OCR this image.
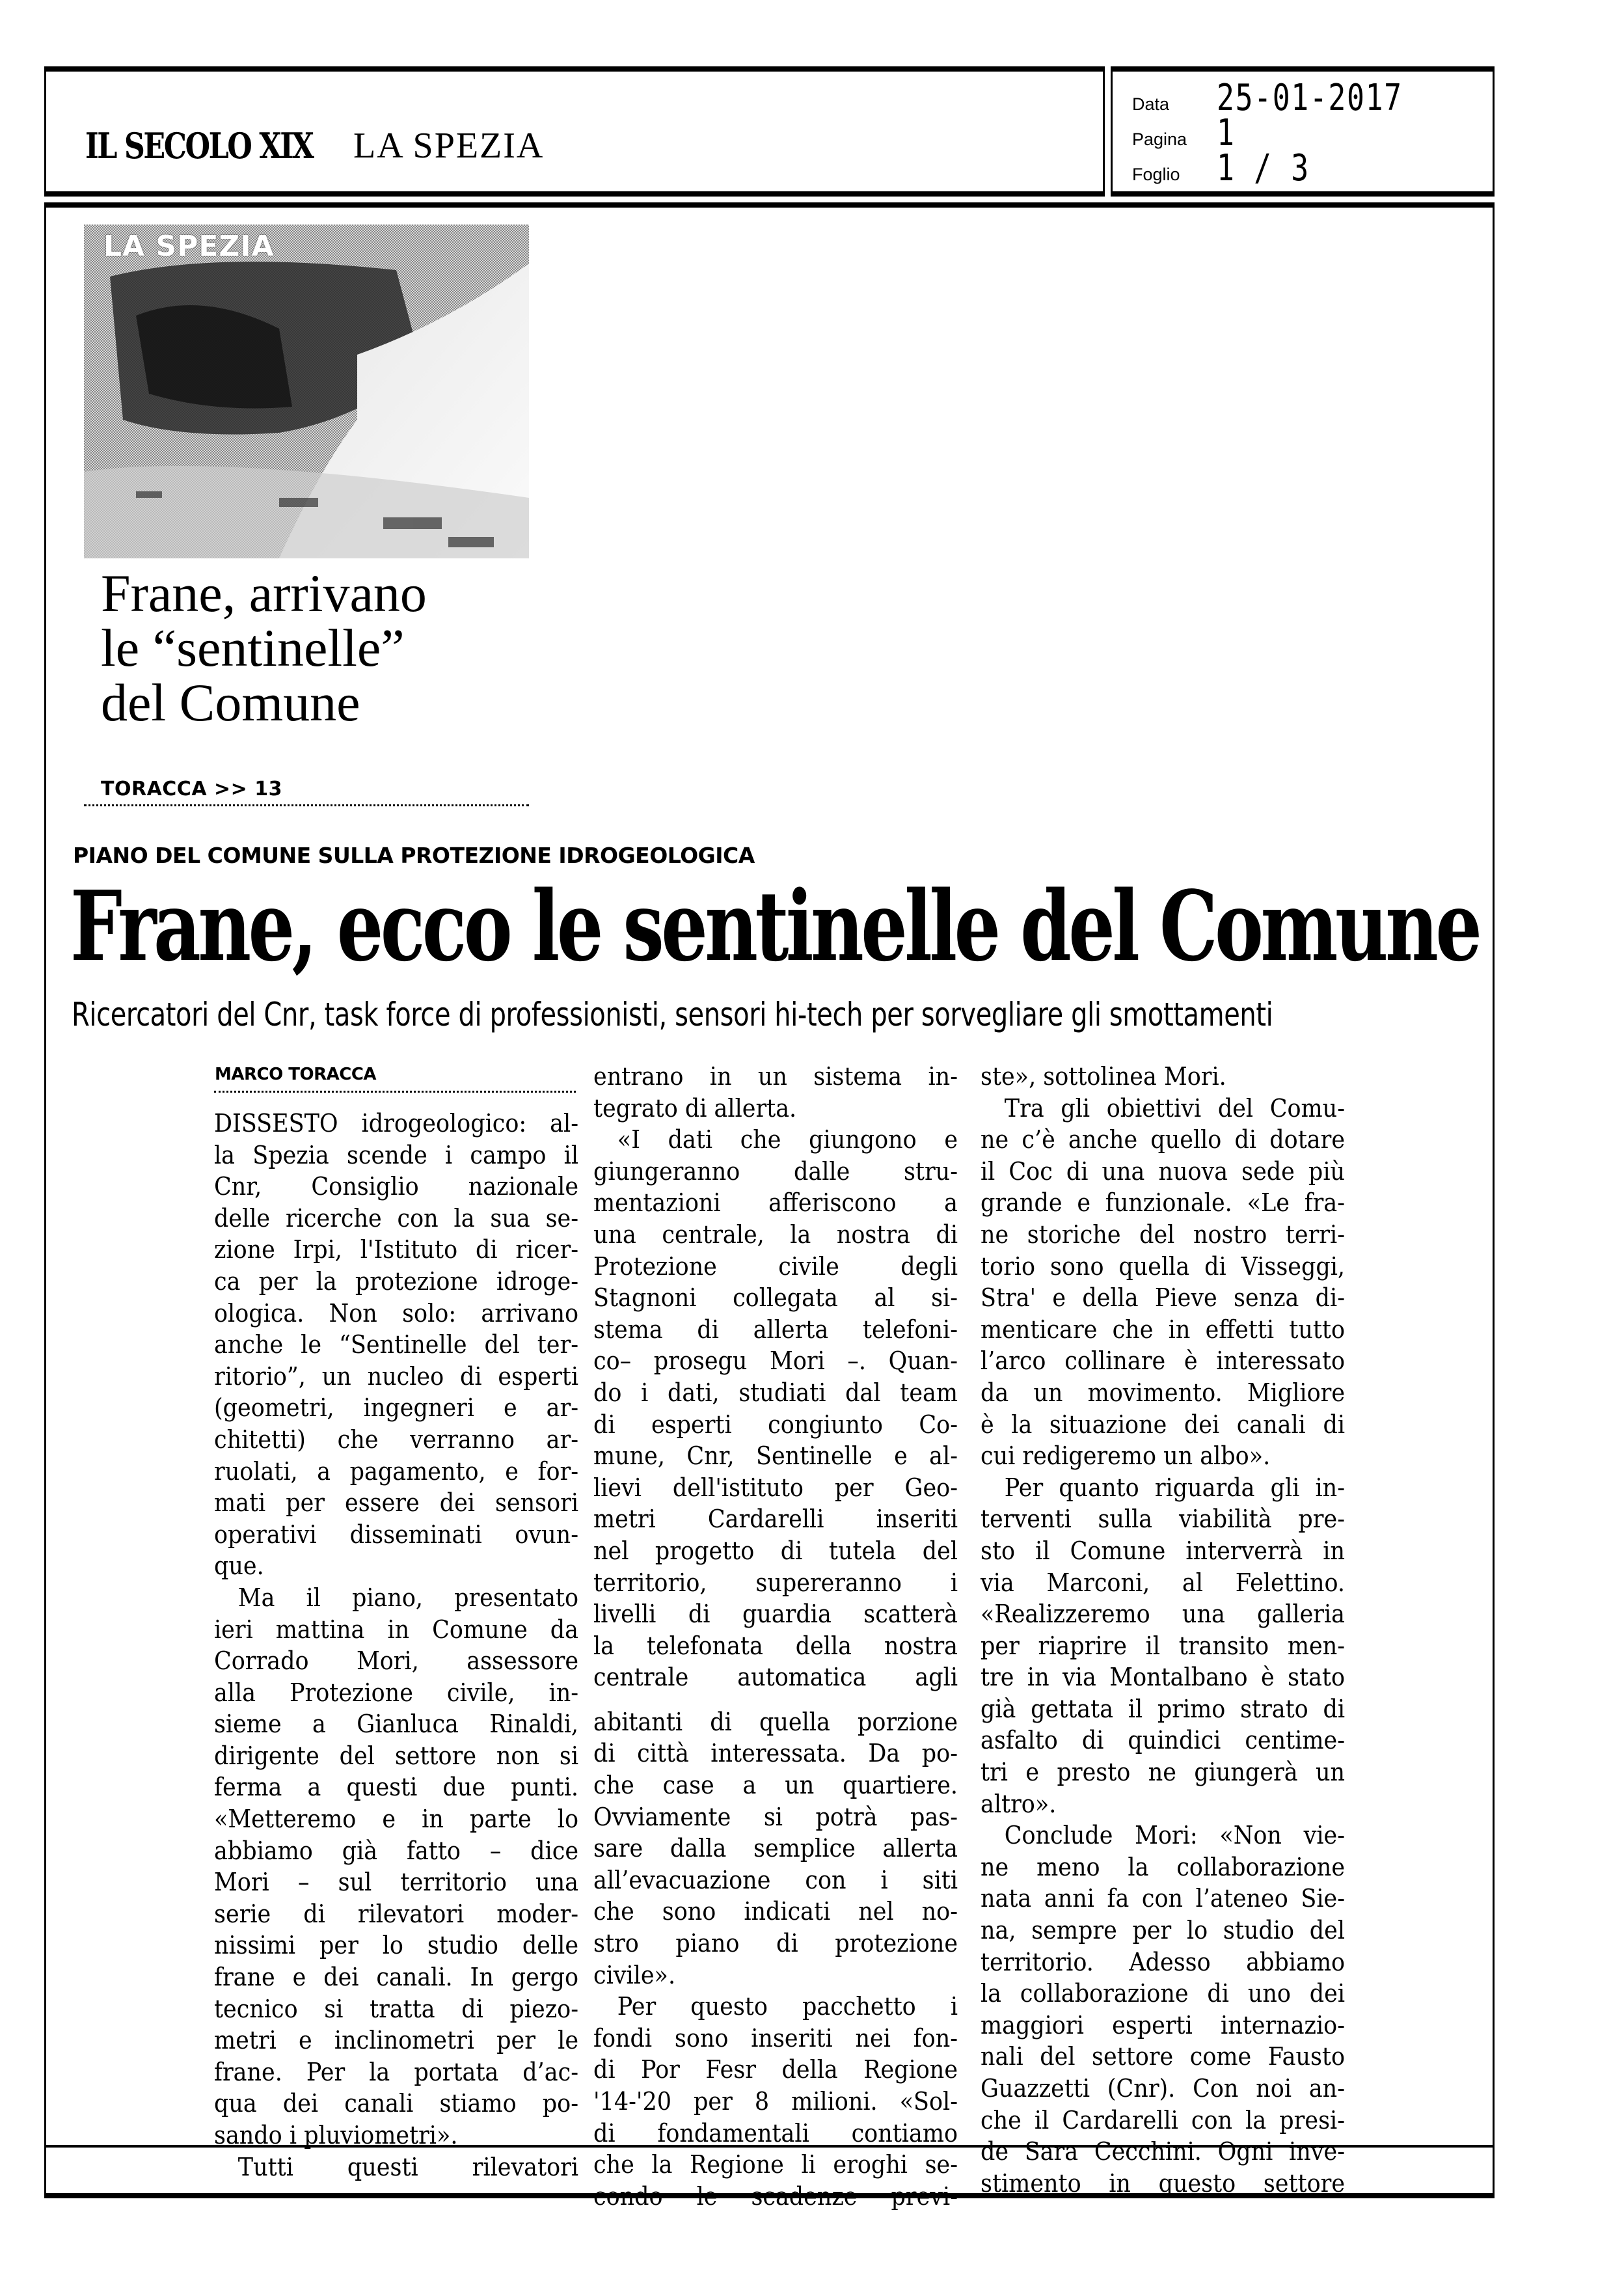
IL SECOLO XIX LA SPEZIA
Data 25-01-2017
Pagina 1
Foglio 1 / 3
LA SPEZIA
Frane, arrivano
le “sentinelle”
del Comune
TORACCA >> 13
PIANO DEL COMUNE SULLA PROTEZIONE IDROGEOLOGICA
Frane, ecco le sentinelle del Comune
Ricercatori del Cnr, task force di professionisti, sensori hi-tech per sorvegliare gli smottamenti
MARCO TORACCA
DISSESTO idrogeologico: al-
la Spezia scende i campo il
Cnr, Consiglio nazionale
delle ricerche con la sua se-
zione Irpi, l'Istituto di ricer-
ca per la protezione idroge-
ologica. Non solo: arrivano
anche le “Sentinelle del ter-
ritorio”, un nucleo di esperti
(geometri, ingegneri e ar-
chitetti) che verranno ar-
ruolati, a pagamento, e for-
mati per essere dei sensori
operativi disseminati ovun-
que.
Ma il piano, presentato
ieri mattina in Comune da
Corrado Mori, assessore
alla Protezione civile, in-
sieme a Gianluca Rinaldi,
dirigente del settore non si
ferma a questi due punti.
«Metteremo e in parte lo
abbiamo già fatto – dice
Mori – sul territorio una
serie di rilevatori moder-
nissimi per lo studio delle
frane e dei canali. In gergo
tecnico si tratta di piezo-
metri e inclinometri per le
frane. Per la portata d’ac-
qua dei canali stiamo po-
sando i pluviometri».
Tutti questi rilevatori
entrano in un sistema in-
tegrato di allerta.
«I dati che giungono e
giungeranno dalle stru-
mentazioni afferiscono a
una centrale, la nostra di
Protezione civile degli
Stagnoni collegata al si-
stema di allerta telefoni-
co– prosegu Mori –. Quan-
do i dati, studiati dal team
di esperti congiunto Co-
mune, Cnr, Sentinelle e al-
lievi dell'istituto per Geo-
metri Cardarelli inseriti
nel progetto di tutela del
territorio, supereranno i
livelli di guardia scatterà
la telefonata della nostra
centrale automatica agli
abitanti di quella porzione
di città interessata. Da po-
che case a un quartiere.
Ovviamente si potrà pas-
sare dalla semplice allerta
all’evacuazione con i siti
che sono indicati nel no-
stro piano di protezione
civile».
Per questo pacchetto i
fondi sono inseriti nei fon-
di Por Fesr della Regione
'14-'20 per 8 milioni. «Sol-
di fondamentali contiamo
che la Regione li eroghi se-
condo le scadenze previ-
ste», sottolinea Mori.
Tra gli obiettivi del Comu-
ne c’è anche quello di dotare
il Coc di una nuova sede più
grande e funzionale. «Le fra-
ne storiche del nostro terri-
torio sono quella di Visseggi,
Stra' e della Pieve senza di-
menticare che in effetti tutto
l’arco collinare è interessato
da un movimento. Migliore
è la situazione dei canali di
cui redigeremo un albo».
Per quanto riguarda gli in-
terventi sulla viabilità pre-
sto il Comune interverrà in
via Marconi, al Felettino.
«Realizzeremo una galleria
per riaprire il transito men-
tre in via Montalbano è stato
già gettata il primo strato di
asfalto di quindici centime-
tri e presto ne giungerà un
altro».
Conclude Mori: «Non vie-
ne meno la collaborazione
nata anni fa con l’ateneo Sie-
na, sempre per lo studio del
territorio. Adesso abbiamo
la collaborazione di uno dei
maggiori esperti internazio-
nali del settore come Fausto
Guazzetti (Cnr). Con noi an-
che il Cardarelli con la presi-
de Sara Cecchini. Ogni inve-
stimento in questo settore
